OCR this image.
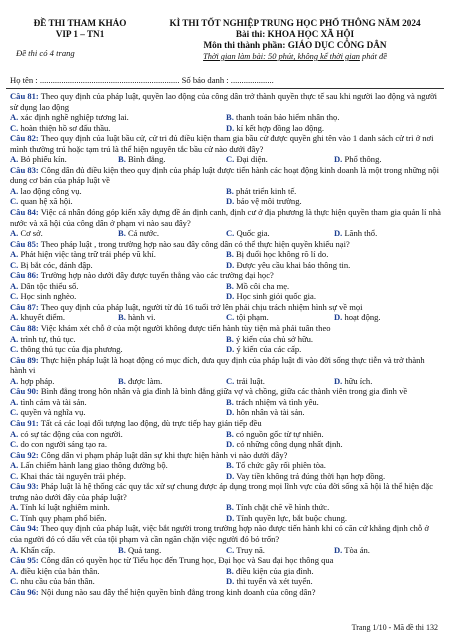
ĐỀ THI THAM KHẢO
VIP 1 – TN1
Đề thi có 4 trang
KÌ THI TỐT NGHIỆP TRUNG HỌC PHỔ THÔNG NĂM 2024
Bài thi: KHOA HỌC XÃ HỘI
Môn thi thành phần: GIÁO DỤC CÔNG DÂN
Thời gian làm bài: 50 phút, không kể thời gian phát đề
Họ tên : ................................................................. Số báo danh : ....................
Câu 81: Theo quy định của pháp luật, quyền lao động của công dân trở thành quyền thực tế sau khi người lao động và người sử dụng lao động
A. xác định nghề nghiệp tương lai.	B. thanh toán bảo hiểm nhân thọ.
C. hoàn thiện hồ sơ đấu thầu.	D. kí kết hợp đồng lao động.
Câu 82: Theo quy định của luật bầu cử, cử tri đủ điều kiện tham gia bầu cử được quyền ghi tên vào 1 danh sách cử tri ở nơi mình thường trú hoặc tạm trú là thể hiện nguyên tắc bầu cử nào dưới đây?
A. Bỏ phiếu kín.	B. Bình đẳng.	C. Đại diện.	D. Phổ thông.
Câu 83: Công dân đủ điều kiện theo quy định của pháp luật được tiến hành các hoạt động kinh doanh là một trong những nội dung cơ bản của pháp luật về
A. lao động công vụ.	B. phát triển kinh tế.
C. quan hệ xã hội.	D. bảo vệ môi trường.
Câu 84: Việc cá nhân đóng góp kiến xây dựng đề án định canh, định cư ở địa phương là thực hiện quyền tham gia quản lí nhà nước và xã hội của công dân ở phạm vi nào sau đây?
A. Cơ sở.	B. Cả nước.	C. Quốc gia.	D. Lãnh thổ.
Câu 85: Theo pháp luật , trong trường hợp nào sau đây công dân có thể thực hiện quyền khiếu nại?
A. Phát hiện việc tàng trữ trái phép vũ khí.	B. Bị đuổi học không rõ lí do.
C. Bị bắt cóc, đánh đập.	D. Được yêu cầu khai báo thông tin.
Câu 86: Trường hợp nào dưới đây được tuyển thẳng vào các trường đại học?
A. Dân tộc thiểu số.	B. Mồ côi cha mẹ.
C. Học sinh nghèo.	D. Học sinh giỏi quốc gia.
Câu 87: Theo quy định của pháp luật, người từ đủ 16 tuổi trở lên phải chịu trách nhiệm hình sự về mọi
A. khuyết điểm.	B. hành vi.	C. tội phạm.	D. hoạt động.
Câu 88: Việc khám xét chỗ ở của một người không được tiến hành tùy tiện mà phải tuân theo
A. trình tự, thủ tục.	B. ý kiến của chủ sở hữu.
C. thông thủ tục của địa phương.	D. ý kiến của các cấp.
Câu 89: Thực hiện pháp luật là hoạt động có mục đích, đưa quy định của pháp luật đi vào đời sống thực tiễn và trở thành hành vi
A. hợp pháp.	B. được làm.	C. trái luật.	D. hữu ích.
Câu 90: Bình đẳng trong hôn nhân và gia đình là bình đẳng giữa vợ và chồng, giữa các thành viên trong gia đình về
A. tình cảm và tài sản.	B. trách nhiệm và tình yêu.
C. quyền và nghĩa vụ.	D. hôn nhân và tài sản.
Câu 91: Tất cả các loại đối tượng lao động, dù trực tiếp hay gián tiếp đều
A. có sự tác động của con người.	B. có nguồn gốc từ tự nhiên.
C. do con người sáng tạo ra.	D. có những công dụng nhất định.
Câu 92: Công dân vi phạm pháp luật dân sự khi thực hiện hành vi nào dưới đây?
A. Lấn chiếm hành lang giao thông đường bộ.	B. Tổ chức gây rối phiên tòa.
C. Khai thác tài nguyên trái phép.	D. Vay tiền không trả đúng thời hạn hợp đồng.
Câu 93: Pháp luật là hệ thống các quy tắc xử sự chung được áp dụng trong mọi lĩnh vực của đời sống xã hội là thể hiện đặc trưng nào dưới đây của pháp luật?
A. Tính kỉ luật nghiêm minh.	B. Tính chặt chẽ về hình thức.
C. Tính quy phạm phổ biến.	D. Tính quyền lực, bắt buộc chung.
Câu 94: Theo quy định của pháp luật, việc bắt người trong trường hợp nào được tiến hành khi có căn cứ khẳng định chỗ ở của người đó có dấu vết của tội phạm và cần ngăn chặn việc người đó bỏ trốn?
A. Khẩn cấp.	B. Quả tang.	C. Truy nã.	D. Tòa án.
Câu 95: Công dân có quyền học từ Tiểu học đến Trung học, Đại học và Sau đại học thông qua
A. điều kiện của bản thân.	B. điều kiện của gia đình.
C. nhu cầu của bản thân.	D. thi tuyển và xét tuyển.
Câu 96: Nội dung nào sau đây thể hiện quyền bình đẳng trong kinh doanh của công dân?
Trang 1/10 - Mã đề thi 132
